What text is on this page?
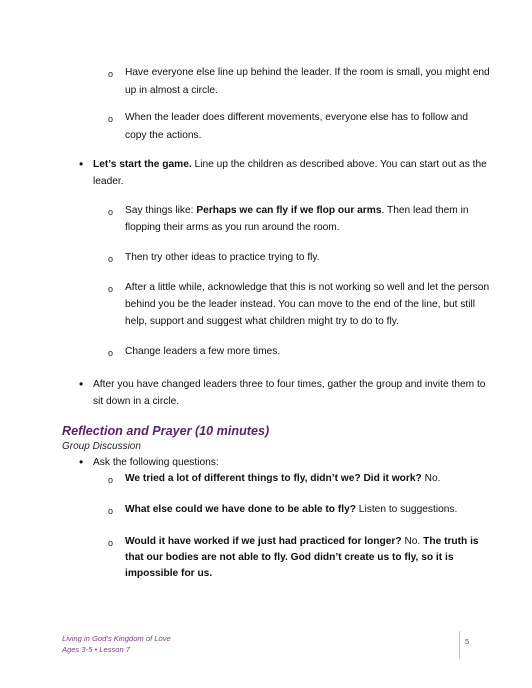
o Have everyone else line up behind the leader. If the room is small, you might end
up in almost a circle.
o When the leader does different movements, everyone else has to follow and
copy the actions.
• Let’s start the game. Line up the children as described above. You can start out as the
leader.
o Say things like: Perhaps we can fly if we flop our arms. Then lead them in
flopping their arms as you run around the room.
o Then try other ideas to practice trying to fly.
o After a little while, acknowledge that this is not working so well and let the person
behind you be the leader instead. You can move to the end of the line, but still
help, support and suggest what children might try to do to fly.
o Change leaders a few more times.
• After you have changed leaders three to four times, gather the group and invite them to
sit down in a circle.
Reflection and Prayer (10 minutes)
Group Discussion
• Ask the following questions:
o We tried a lot of different things to fly, didn’t we? Did it work? No.
o What else could we have done to be able to fly? Listen to suggestions.
o Would it have worked if we just had practiced for longer? No. The truth is
that our bodies are not able to fly. God didn’t create us to fly, so it is
impossible for us.
Living in God’s Kingdom of Love
Ages 3-5 • Lesson 7
5
